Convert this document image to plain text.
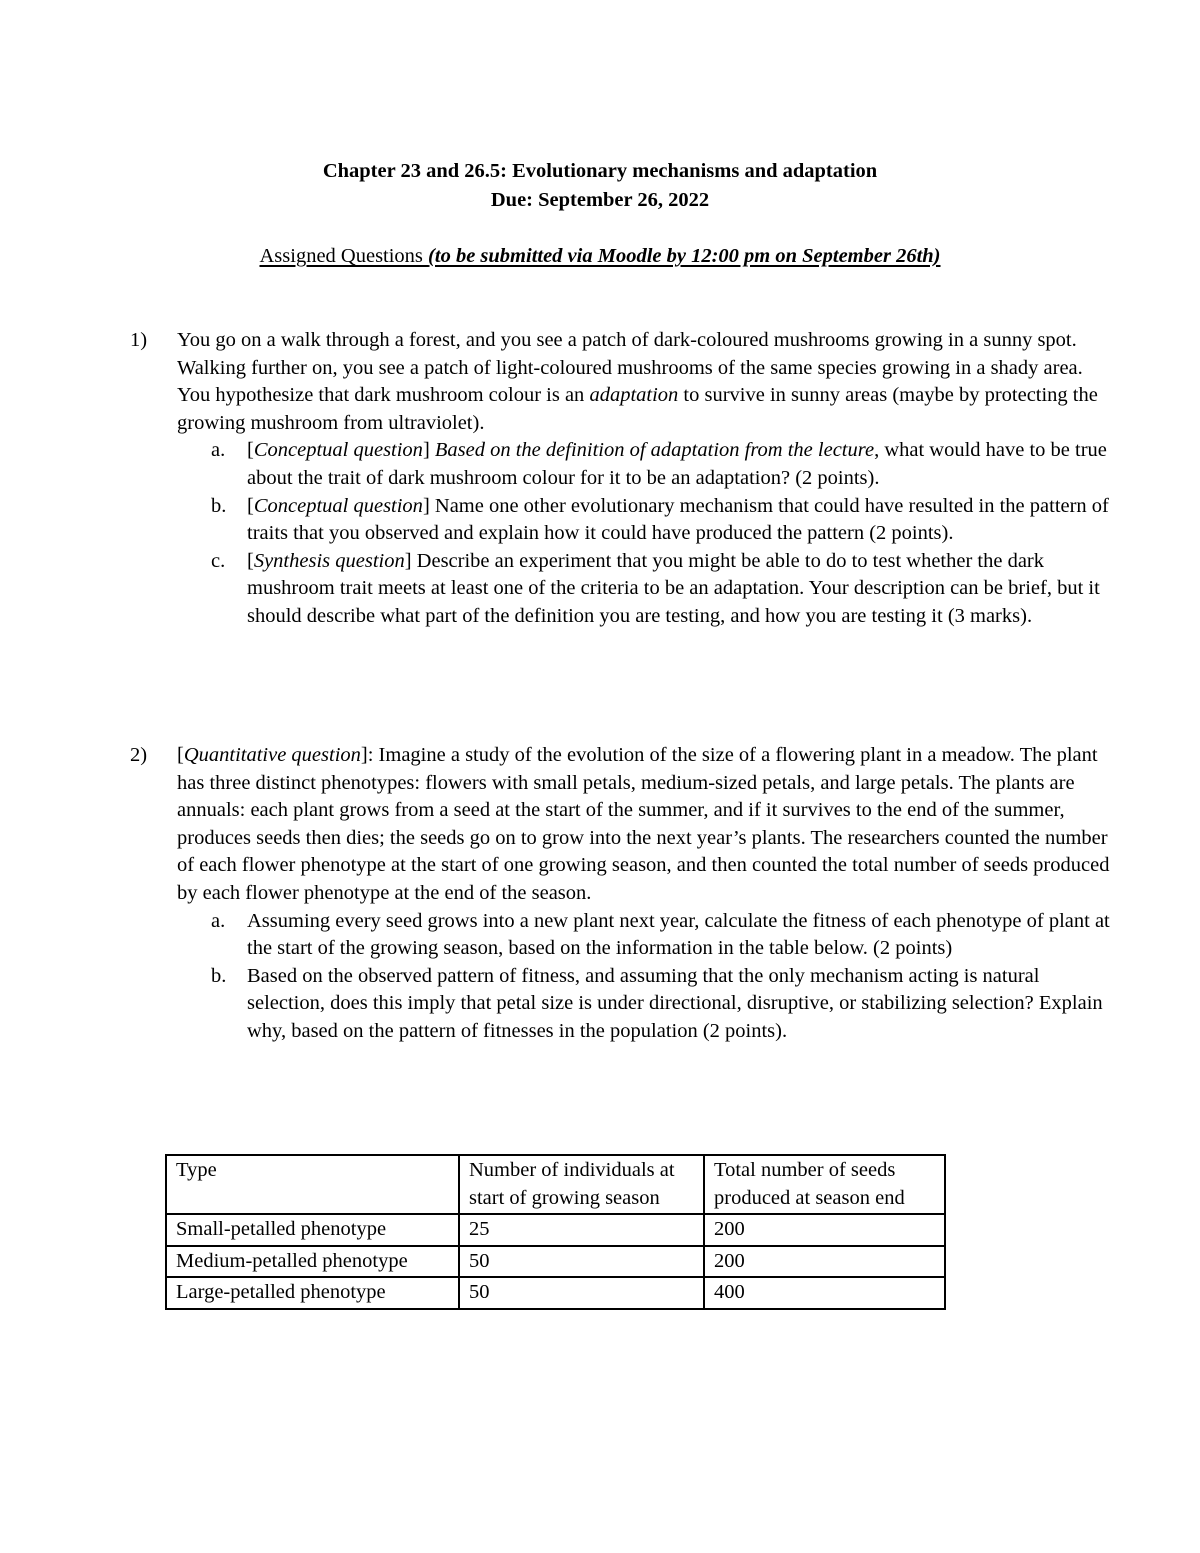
Chapter 23 and 26.5: Evolutionary mechanisms and adaptation
Due: September 26, 2022
Assigned Questions (to be submitted via Moodle by 12:00 pm on September 26th)
1) You go on a walk through a forest, and you see a patch of dark-coloured mushrooms growing in a sunny spot. Walking further on, you see a patch of light-coloured mushrooms of the same species growing in a shady area. You hypothesize that dark mushroom colour is an adaptation to survive in sunny areas (maybe by protecting the growing mushroom from ultraviolet).
a. [Conceptual question] Based on the definition of adaptation from the lecture, what would have to be true about the trait of dark mushroom colour for it to be an adaptation? (2 points).
b. [Conceptual question] Name one other evolutionary mechanism that could have resulted in the pattern of traits that you observed and explain how it could have produced the pattern (2 points).
c. [Synthesis question] Describe an experiment that you might be able to do to test whether the dark mushroom trait meets at least one of the criteria to be an adaptation. Your description can be brief, but it should describe what part of the definition you are testing, and how you are testing it (3 marks).
2) [Quantitative question]: Imagine a study of the evolution of the size of a flowering plant in a meadow. The plant has three distinct phenotypes: flowers with small petals, medium-sized petals, and large petals. The plants are annuals: each plant grows from a seed at the start of the summer, and if it survives to the end of the summer, produces seeds then dies; the seeds go on to grow into the next year’s plants. The researchers counted the number of each flower phenotype at the start of one growing season, and then counted the total number of seeds produced by each flower phenotype at the end of the season.
a. Assuming every seed grows into a new plant next year, calculate the fitness of each phenotype of plant at the start of the growing season, based on the information in the table below. (2 points)
b. Based on the observed pattern of fitness, and assuming that the only mechanism acting is natural selection, does this imply that petal size is under directional, disruptive, or stabilizing selection? Explain why, based on the pattern of fitnesses in the population (2 points).
Type	Number of individuals at start of growing season	Total number of seeds produced at season end
Small-petalled phenotype	25	200
Medium-petalled phenotype	50	200
Large-petalled phenotype	50	400
